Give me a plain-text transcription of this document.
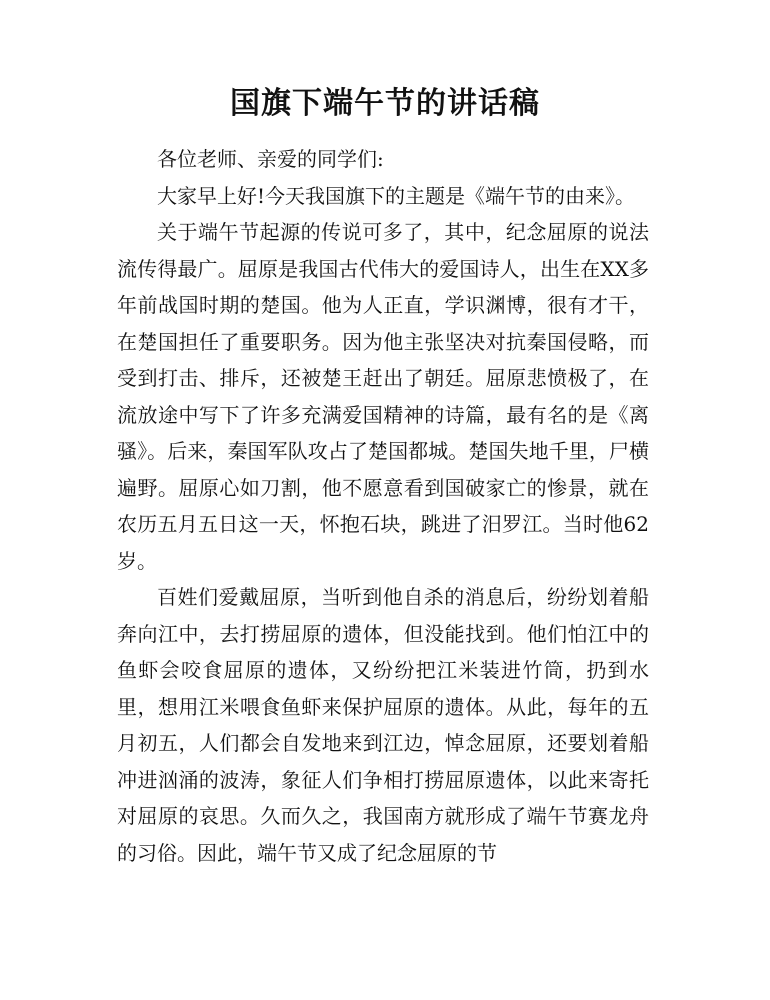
国旗下端午节的讲话稿

各位老师、亲爱的同学们:

大家早上好!今天我国旗下的主题是《端午节的由来》。

关于端午节起源的传说可多了，其中，纪念屈原的说法流传得最广。屈原是我国古代伟大的爱国诗人，出生在XX多年前战国时期的楚国。他为人正直，学识渊博，很有才干，在楚国担任了重要职务。因为他主张坚决对抗秦国侵略，而受到打击、排斥，还被楚王赶出了朝廷。屈原悲愤极了，在流放途中写下了许多充满爱国精神的诗篇，最有名的是《离骚》。后来，秦国军队攻占了楚国都城。楚国失地千里，尸横遍野。屈原心如刀割，他不愿意看到国破家亡的惨景，就在农历五月五日这一天，怀抱石块，跳进了汨罗江。当时他62岁。

百姓们爱戴屈原，当听到他自杀的消息后，纷纷划着船奔向江中，去打捞屈原的遗体，但没能找到。他们怕江中的鱼虾会咬食屈原的遗体，又纷纷把江米装进竹筒，扔到水里，想用江米喂食鱼虾来保护屈原的遗体。从此，每年的五月初五，人们都会自发地来到江边，悼念屈原，还要划着船冲进汹涌的波涛，象征人们争相打捞屈原遗体，以此来寄托对屈原的哀思。久而久之，我国南方就形成了端午节赛龙舟的习俗。因此，端午节又成了纪念屈原的节
